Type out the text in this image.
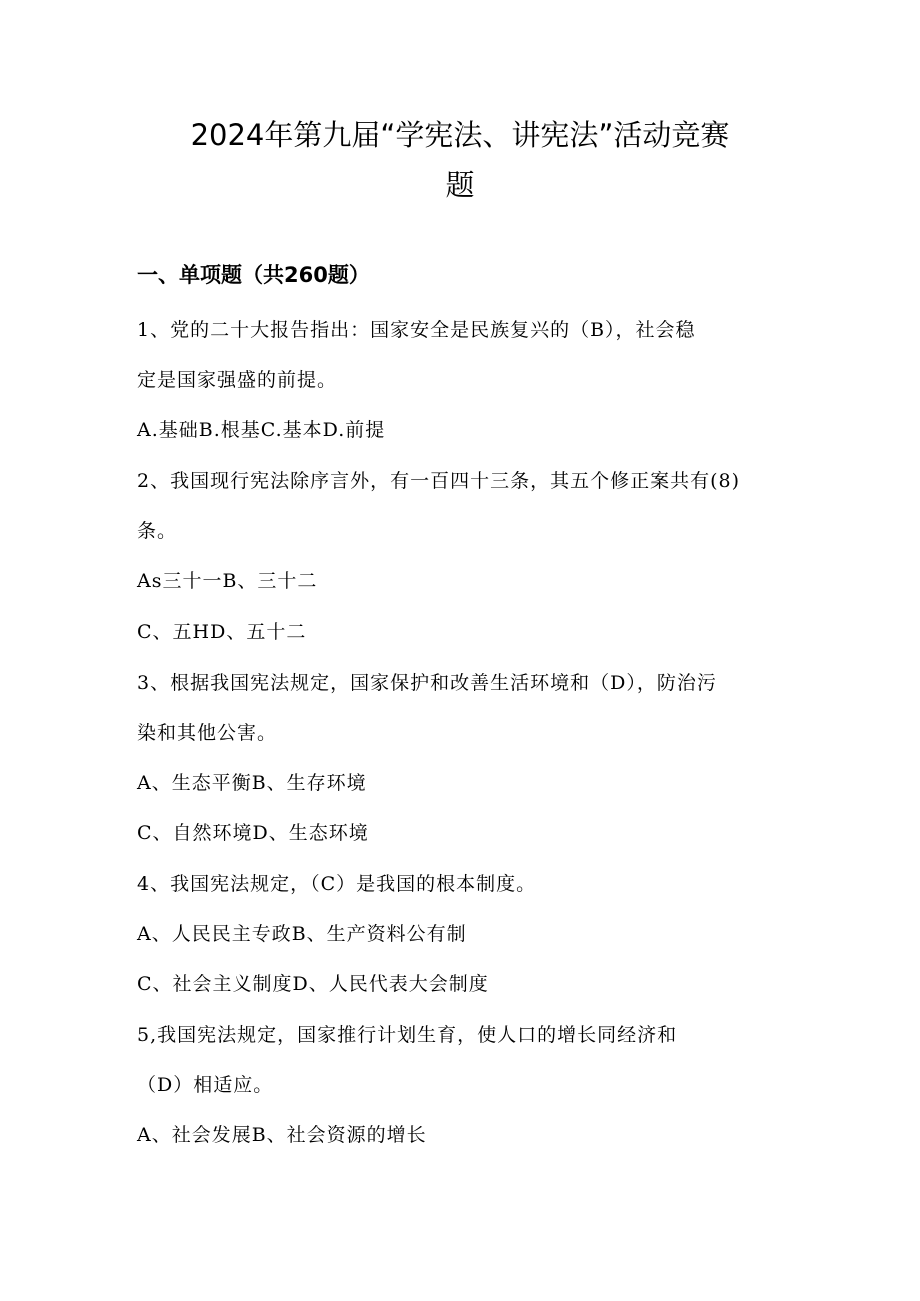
2024年第九届“学宪法、讲宪法”活动竞赛
题
一、单项题（共260题）
1、党的二十大报告指出：国家安全是民族复兴的（B），社会稳
定是国家强盛的前提。
A.基础B.根基C.基本D.前提
2、我国现行宪法除序言外，有一百四十三条，其五个修正案共有(8)
条。
As三十一B、三十二
C、五HD、五十二
3、根据我国宪法规定，国家保护和改善生活环境和（D），防治污
染和其他公害。
A、生态平衡B、生存环境
C、自然环境D、生态环境
4、我国宪法规定，（C）是我国的根本制度。
A、人民民主专政B、生产资料公有制
C、社会主义制度D、人民代表大会制度
5,我国宪法规定，国家推行计划生育，使人口的增长同经济和
（D）相适应。
A、社会发展B、社会资源的增长
